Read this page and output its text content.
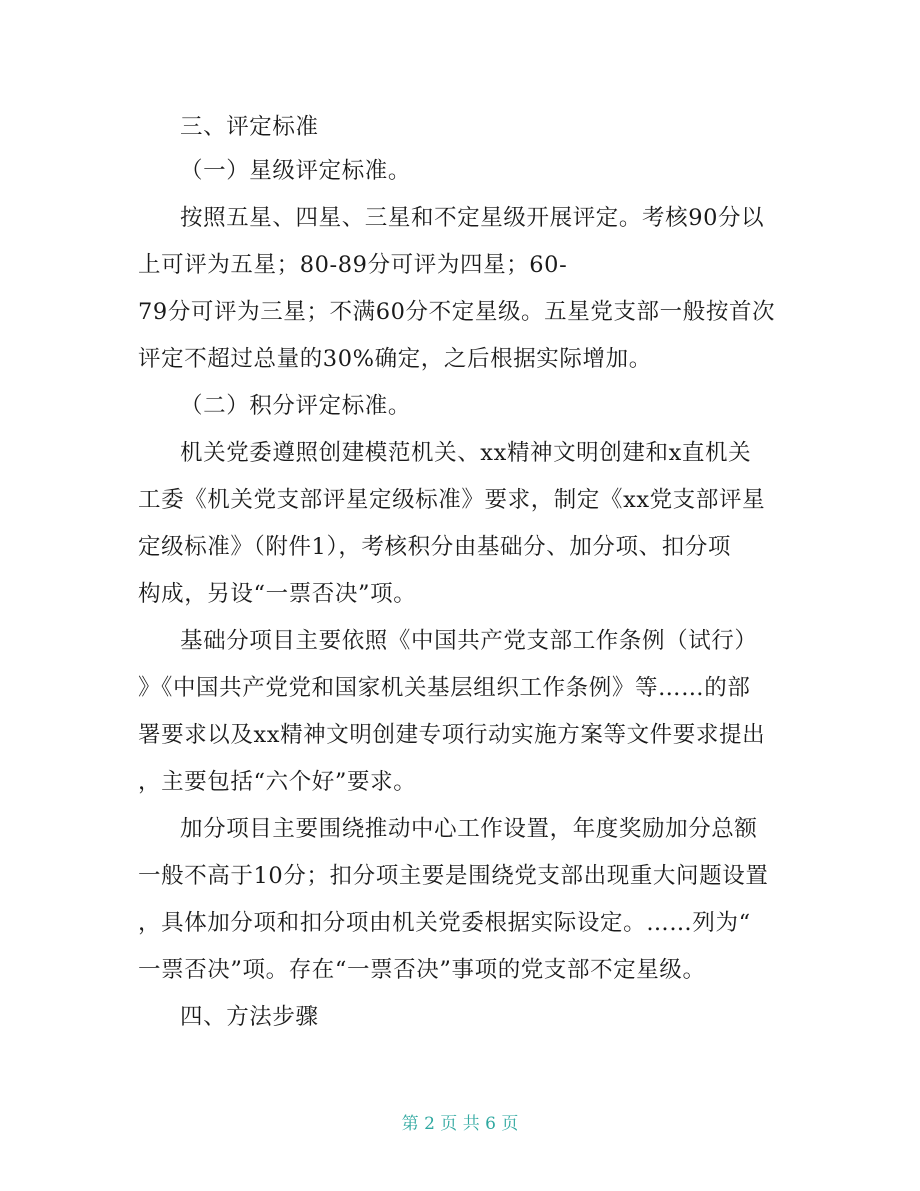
三、评定标准
（一）星级评定标准。
按照五星、四星、三星和不定星级开展评定。考核90分以
上可评为五星；80-89分可评为四星；60-
79分可评为三星；不满60分不定星级。五星党支部一般按首次
评定不超过总量的30%确定，之后根据实际增加。
（二）积分评定标准。
机关党委遵照创建模范机关、xx精神文明创建和x直机关
工委《机关党支部评星定级标准》要求，制定《xx党支部评星
定级标准》（附件1），考核积分由基础分、加分项、扣分项
构成，另设“一票否决”项。
基础分项目主要依照《中国共产党支部工作条例（试行）
》《中国共产党党和国家机关基层组织工作条例》等……的部
署要求以及xx精神文明创建专项行动实施方案等文件要求提出
，主要包括“六个好”要求。
加分项目主要围绕推动中心工作设置，年度奖励加分总额
一般不高于10分；扣分项主要是围绕党支部出现重大问题设置
，具体加分项和扣分项由机关党委根据实际设定。……列为“
一票否决”项。存在“一票否决”事项的党支部不定星级。
四、方法步骤
第 2 页 共 6 页
